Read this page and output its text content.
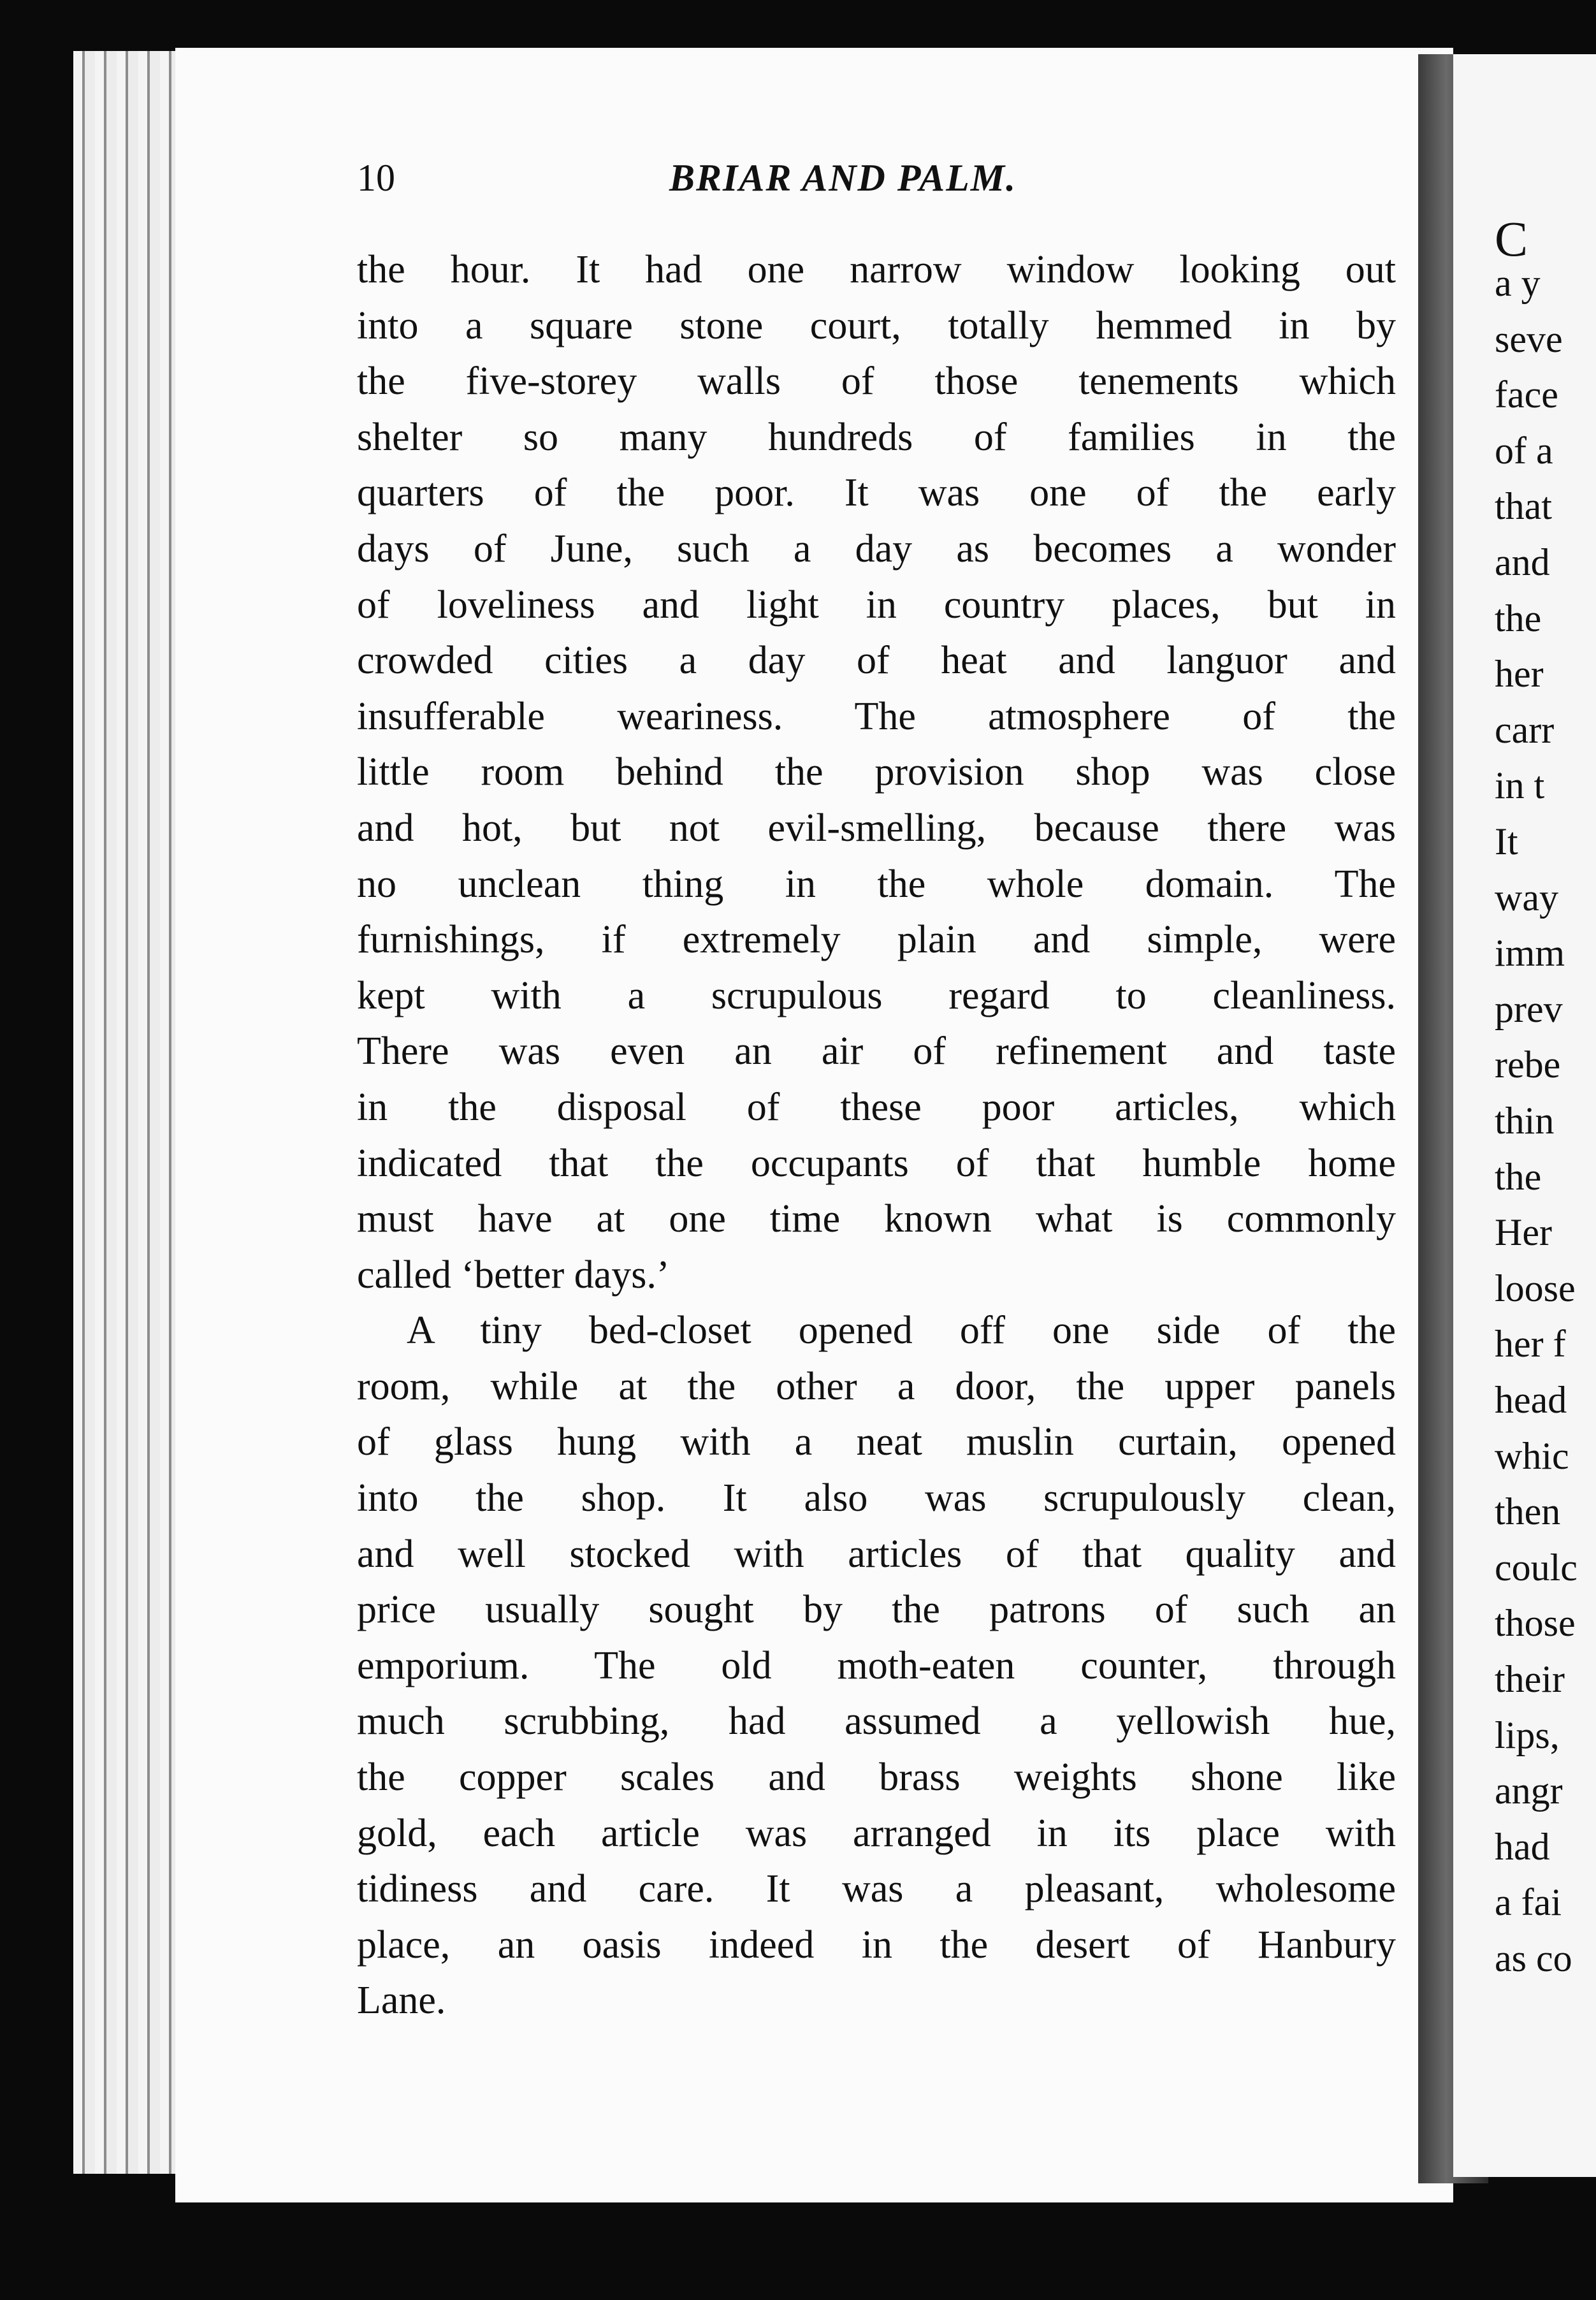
C
a y
seve
face
of a
that
and
the
her
carr
in t
It
way
imm
prev
rebe
thin
the
Her
loose
her f
head
whic
then
coulc
those
their
lips,
angr
had
a fai
as co
10	BRIAR AND PALM.

the hour. It had one narrow window looking out
into a square stone court, totally hemmed in by
the five-storey walls of those tenements which
shelter so many hundreds of families in the
quarters of the poor. It was one of the early
days of June, such a day as becomes a wonder
of loveliness and light in country places, but in
crowded cities a day of heat and languor and
insufferable weariness. The atmosphere of the
little room behind the provision shop was close
and hot, but not evil-smelling, because there was
no unclean thing in the whole domain. The
furnishings, if extremely plain and simple, were
kept with a scrupulous regard to cleanliness.
There was even an air of refinement and taste
in the disposal of these poor articles, which
indicated that the occupants of that humble home
must have at one time known what is commonly
called ‘better days.’

A tiny bed-closet opened off one side of the
room, while at the other a door, the upper panels
of glass hung with a neat muslin curtain, opened
into the shop. It also was scrupulously clean,
and well stocked with articles of that quality and
price usually sought by the patrons of such an
emporium. The old moth-eaten counter, through
much scrubbing, had assumed a yellowish hue,
the copper scales and brass weights shone like
gold, each article was arranged in its place with
tidiness and care. It was a pleasant, wholesome
place, an oasis indeed in the desert of Hanbury
Lane.
